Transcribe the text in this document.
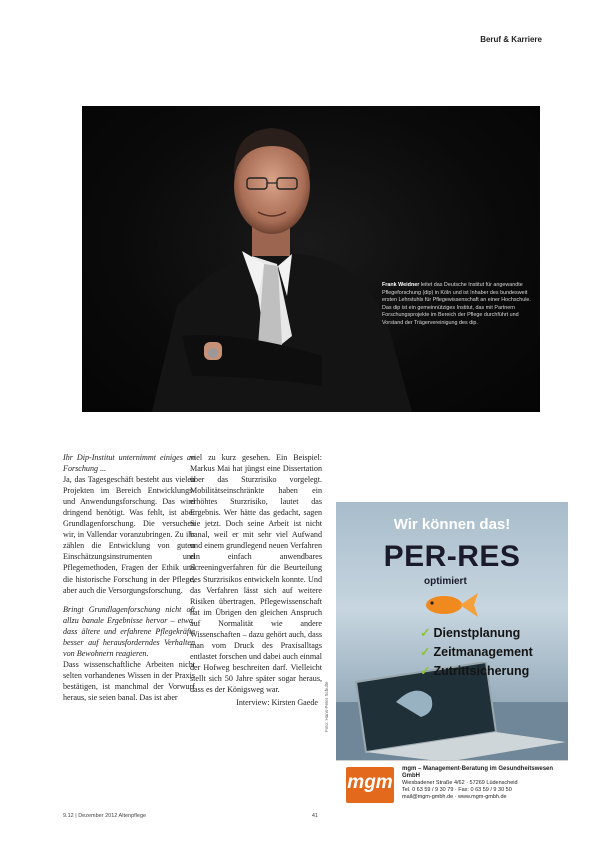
Beruf & Karriere
Frank Weidner leitet das Deutsche Institut für angewandte Pflegeforschung (dip) in Köln und ist Inhaber des bundesweit ersten Lehrstuhls für Pflegewissenschaft an einer Hochschule. Das dip ist ein gemeinnütziges Institut, das mit Partnern Forschungsprojekte im Bereich der Pflege durchführt und Vorstand der Trägervereinigung des dip.

Ihr Dip-Institut unternimmt einiges an Forschung ...

Ja, das Tagesgeschäft besteht aus vielen Projekten im Bereich Entwicklungs- und Anwendungsforschung. Das wird dringend benötigt. Was fehlt, ist aber Grundlagenforschung. Die versuchen wir, in Vallendar voranzubringen. Zu ihr zählen die Entwicklung von guten Einschätzungsinstrumenten und Pflegemethoden, Fragen der Ethik und die historische Forschung in der Pflege, aber auch die Versorgungsforschung.

Bringt Grundlagenforschung nicht oft allzu banale Ergebnisse hervor – etwa, dass ältere und erfahrene Pflegekräfte besser auf herausforderndes Verhalten von Bewohnern reagieren.

Dass wissenschaftliche Arbeiten nicht selten vorhandenes Wissen in der Praxis bestätigen, ist manchmal der Vorwurf heraus, sie seien banal. Das ist aber

viel zu kurz gesehen. Ein Beispiel: Markus Mai hat jüngst eine Dissertation über das Sturzrisiko vorgelegt. Mobilitätseinschränkte haben ein erhöhtes Sturzrisiko, lautet das Ergebnis. Wer hätte das gedacht, sagen Sie jetzt. Doch seine Arbeit ist nicht banal, weil er mit sehr viel Aufwand und einem grundlegend neuen Verfahren ein einfach anwendbares Screeningverfahren für die Beurteilung des Sturzrisikos entwickeln konnte. Und das Verfahren lässt sich auf weitere Risiken übertragen. Pflegewissenschaft hat im Übrigen den gleichen Anspruch auf Normalität wie andere Wissenschaften – dazu gehört auch, dass man vom Druck des Praxisalltags entlastet forschen und dabei auch einmal der Hofweg beschreiten darf. Vielleicht stellt sich 50 Jahre später sogar heraus, dass es der Königsweg war.

Interview: Kirsten Gaede	Foto: Hans-Peter Schulte
Wir können das!
PER-RES
optimiert
✓ Dienstplanung
✓ Zeitmanagement
✓ Zutrittsicherung
mgm
mgm – Management-Beratung im Gesundheitswesen GmbH
Wiesbadener Straße 4/62 · 57269 Lüdenscheid
Tel. 0 63 59 / 9 30 79 · Fax: 0 63 59 / 9 30 50
mail@mgm-gmbh.de · www.mgm-gmbh.de
9.12 | Dezember 2012 Altenpflege	41
